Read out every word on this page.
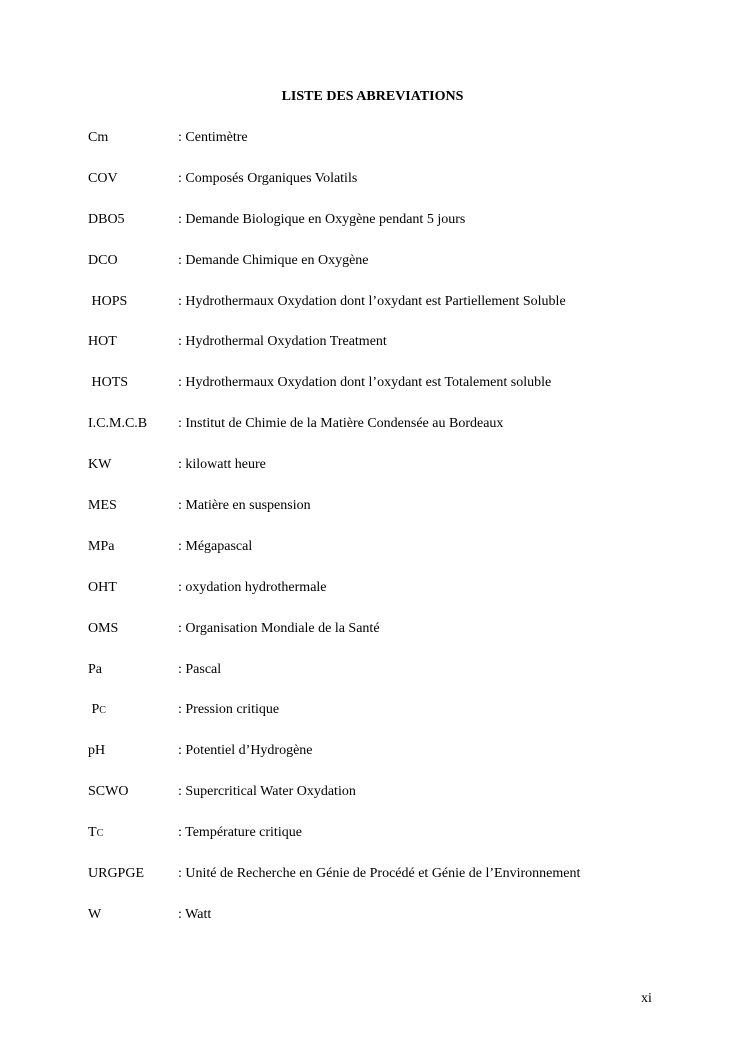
LISTE DES ABREVIATIONS
Cm	: Centimètre
COV	: Composés Organiques Volatils
DBO5	: Demande Biologique en Oxygène pendant 5 jours
DCO	: Demande Chimique en Oxygène
HOPS	: Hydrothermaux Oxydation dont l’oxydant est Partiellement Soluble
HOT	: Hydrothermal Oxydation Treatment
HOTS	: Hydrothermaux Oxydation dont l’oxydant est Totalement soluble
I.C.M.C.B : Institut de Chimie de la Matière Condensée au Bordeaux
KW	: kilowatt heure
MES	: Matière en suspension
MPa	: Mégapascal
OHT	: oxydation hydrothermale
OMS	: Organisation Mondiale de la Santé
Pa	: Pascal
PC	: Pression critique
pH	: Potentiel d’Hydrogène
SCWO	: Supercritical Water Oxydation
TC	: Température critique
URGPGE : Unité de Recherche en Génie de Procédé et Génie de l’Environnement
W	: Watt
xi
